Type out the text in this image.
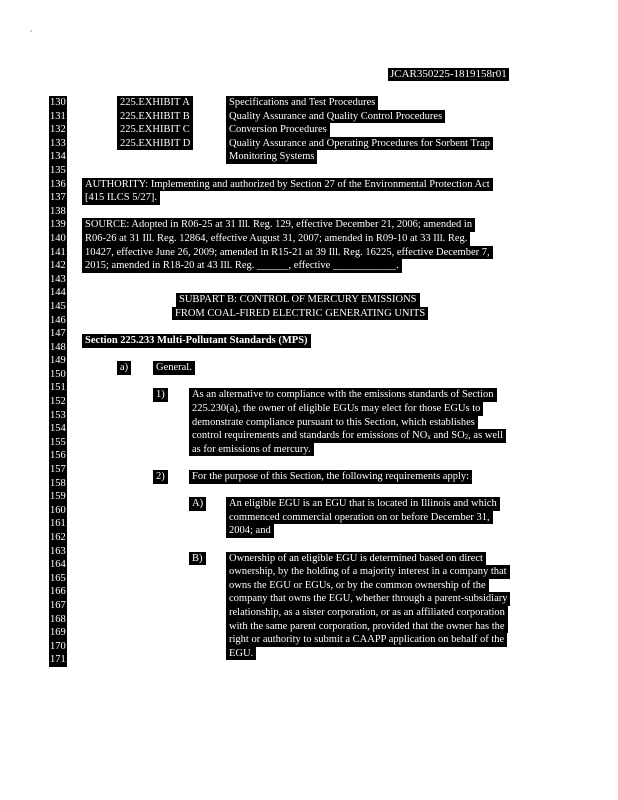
JCAR350225-1819158r01
130
131
132
133
134
135
136
137
138
139
140
141
142
143
144
145
146
147
148
149
150
151
152
153
154
155
156
157
158
159
160
161
162
163
164
165
166
167
168
169
170
171
225.EXHIBIT A	Specifications and Test Procedures
225.EXHIBIT B	Quality Assurance and Quality Control Procedures
225.EXHIBIT C	Conversion Procedures
225.EXHIBIT D	Quality Assurance and Operating Procedures for Sorbent Trap
Monitoring Systems
AUTHORITY: Implementing and authorized by Section 27 of the Environmental Protection Act
[415 ILCS 5/27].
SOURCE: Adopted in R06-25 at 31 Ill. Reg. 129, effective December 21, 2006; amended in
R06-26 at 31 Ill. Reg. 12864, effective August 31, 2007; amended in R09-10 at 33 Ill. Reg.
10427, effective June 26, 2009; amended in R15-21 at 39 Ill. Reg. 16225, effective December 7,
2015; amended in R18-20 at 43 Ill. Reg. ______, effective ____________.
SUBPART B: CONTROL OF MERCURY EMISSIONS
FROM COAL-FIRED ELECTRIC GENERATING UNITS
Section 225.233 Multi-Pollutant Standards (MPS)
a)	General.
1)	As an alternative to compliance with the emissions standards of Section
225.230(a), the owner of eligible EGUs may elect for those EGUs to
demonstrate compliance pursuant to this Section, which establishes
control requirements and standards for emissions of $NO_x$ and $SO_2$, as well
as for emissions of mercury.
2)	For the purpose of this Section, the following requirements apply:
A) An eligible EGU is an EGU that is located in Illinois and which
commenced commercial operation on or before December 31,
2004; and
B)	Ownership of an eligible EGU is determined based on direct
ownership, by the holding of a majority interest in a company that
owns the EGU or EGUs, or by the common ownership of the
company that owns the EGU, whether through a parent-subsidiary
relationship, as a sister corporation, or as an affiliated corporation
with the same parent corporation, provided that the owner has the
right or authority to submit a CAAPP application on behalf of the
EGU.
